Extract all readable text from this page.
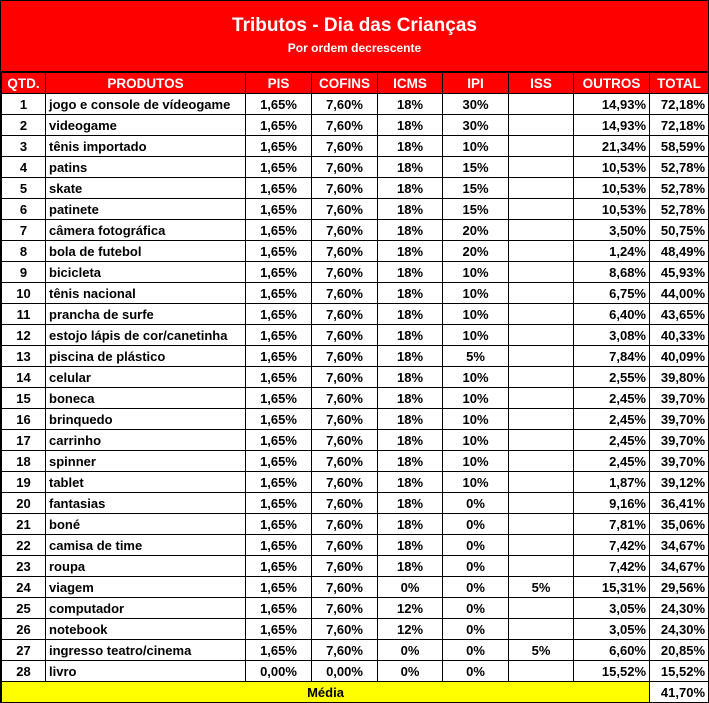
Tributos - Dia das Crianças
Por ordem decrescente
QTD.	PRODUTOS	PIS	COFINS	ICMS	IPI	ISS	OUTROS	TOTAL
1	jogo e console de vídeogame	1,65%	7,60%	18%	30%		14,93%	72,18%
2	videogame	1,65%	7,60%	18%	30%		14,93%	72,18%
3	tênis importado	1,65%	7,60%	18%	10%		21,34%	58,59%
4	patins	1,65%	7,60%	18%	15%		10,53%	52,78%
5	skate	1,65%	7,60%	18%	15%		10,53%	52,78%
6	patinete	1,65%	7,60%	18%	15%		10,53%	52,78%
7	câmera fotográfica	1,65%	7,60%	18%	20%		3,50%	50,75%
8	bola de futebol	1,65%	7,60%	18%	20%		1,24%	48,49%
9	bicicleta	1,65%	7,60%	18%	10%		8,68%	45,93%
10	tênis nacional	1,65%	7,60%	18%	10%		6,75%	44,00%
11	prancha de surfe	1,65%	7,60%	18%	10%		6,40%	43,65%
12	estojo lápis de cor/canetinha	1,65%	7,60%	18%	10%		3,08%	40,33%
13	piscina de plástico	1,65%	7,60%	18%	5%		7,84%	40,09%
14	celular	1,65%	7,60%	18%	10%		2,55%	39,80%
15	boneca	1,65%	7,60%	18%	10%		2,45%	39,70%
16	brinquedo	1,65%	7,60%	18%	10%		2,45%	39,70%
17	carrinho	1,65%	7,60%	18%	10%		2,45%	39,70%
18	spinner	1,65%	7,60%	18%	10%		2,45%	39,70%
19	tablet	1,65%	7,60%	18%	10%		1,87%	39,12%
20	fantasias	1,65%	7,60%	18%	0%		9,16%	36,41%
21	boné	1,65%	7,60%	18%	0%		7,81%	35,06%
22	camisa de time	1,65%	7,60%	18%	0%		7,42%	34,67%
23	roupa	1,65%	7,60%	18%	0%		7,42%	34,67%
24	viagem	1,65%	7,60%	0%	0%	5%	15,31%	29,56%
25	computador	1,65%	7,60%	12%	0%		3,05%	24,30%
26	notebook	1,65%	7,60%	12%	0%		3,05%	24,30%
27	ingresso teatro/cinema	1,65%	7,60%	0%	0%	5%	6,60%	20,85%
28	livro	0,00%	0,00%	0%	0%		15,52%	15,52%
Média								41,70%
